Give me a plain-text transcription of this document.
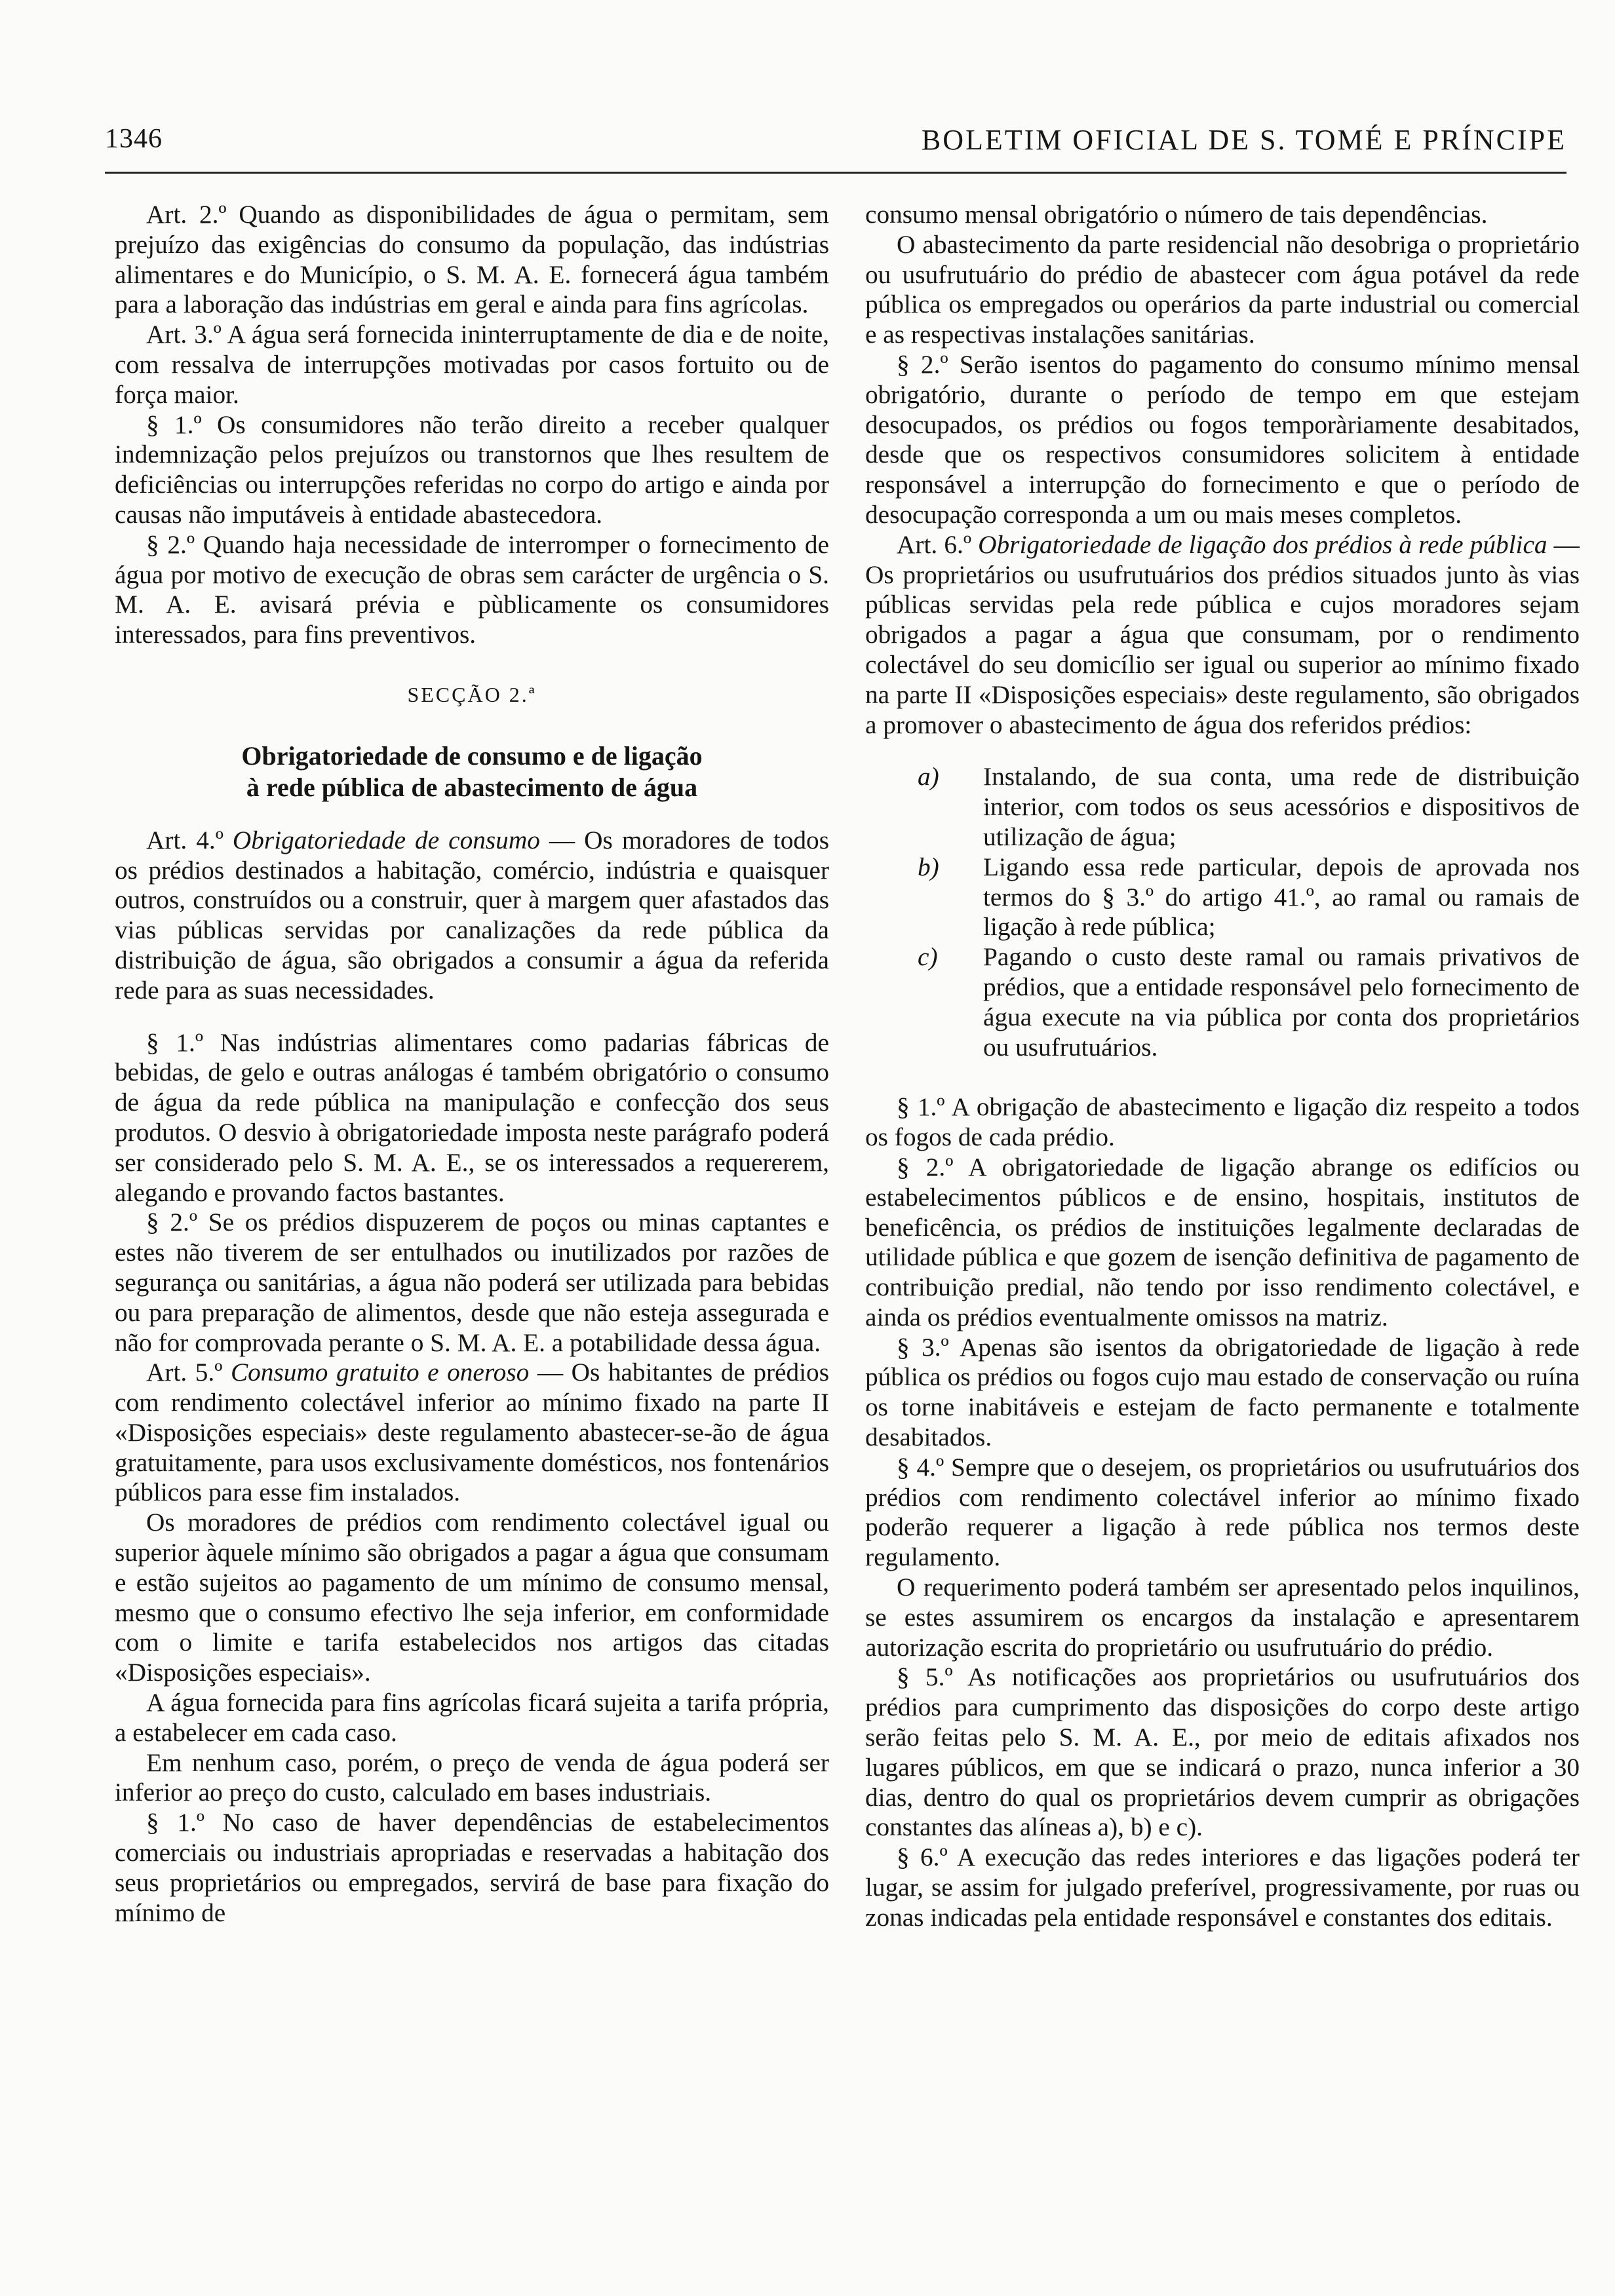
1346	BOLETIM OFICIAL DE S. TOMÉ E PRÍNCIPE

Art. 2.º Quando as disponibilidades de água o permitam, sem prejuízo das exigências do consumo da população, das indústrias alimentares e do Município, o S. M. A. E. fornecerá água também para a laboração das indústrias em geral e ainda para fins agrícolas.

Art. 3.º A água será fornecida ininterruptamente de dia e de noite, com ressalva de interrupções motivadas por casos fortuito ou de força maior.

§ 1.º Os consumidores não terão direito a receber qualquer indemnização pelos prejuízos ou transtornos que lhes resultem de deficiências ou interrupções referidas no corpo do artigo e ainda por causas não imputáveis à entidade abastecedora.

§ 2.º Quando haja necessidade de interromper o fornecimento de água por motivo de execução de obras sem carácter de urgência o S. M. A. E. avisará prévia e pùblicamente os consumidores interessados, para fins preventivos.

SECÇÃO 2.ª

Obrigatoriedade de consumo e de ligação

à rede pública de abastecimento de água

Art. 4.º Obrigatoriedade de consumo — Os moradores de todos os prédios destinados a habitação, comércio, indústria e quaisquer outros, construídos ou a construir, quer à margem quer afastados das vias públicas servidas por canalizações da rede pública da distribuição de água, são obrigados a consumir a água da referida rede para as suas necessidades.

§ 1.º Nas indústrias alimentares como padarias fábricas de bebidas, de gelo e outras análogas é também obrigatório o consumo de água da rede pública na manipulação e confecção dos seus produtos. O desvio à obrigatoriedade imposta neste parágrafo poderá ser considerado pelo S. M. A. E., se os interessados a requererem, alegando e provando factos bastantes.

§ 2.º Se os prédios dispuzerem de poços ou minas captantes e estes não tiverem de ser entulhados ou inutilizados por razões de segurança ou sanitárias, a água não poderá ser utilizada para bebidas ou para preparação de alimentos, desde que não esteja assegurada e não for comprovada perante o S. M. A. E. a potabilidade dessa água.

Art. 5.º Consumo gratuito e oneroso — Os habitantes de prédios com rendimento colectável inferior ao mínimo fixado na parte II «Disposições especiais» deste regulamento abastecer-se-ão de água gratuitamente, para usos exclusivamente domésticos, nos fontenários públicos para esse fim instalados.

Os moradores de prédios com rendimento colectável igual ou superior àquele mínimo são obrigados a pagar a água que consumam e estão sujeitos ao pagamento de um mínimo de consumo mensal, mesmo que o consumo efectivo lhe seja inferior, em conformidade com o limite e tarifa estabelecidos nos artigos das citadas «Disposições especiais».

A água fornecida para fins agrícolas ficará sujeita a tarifa própria, a estabelecer em cada caso.

Em nenhum caso, porém, o preço de venda de água poderá ser inferior ao preço do custo, calculado em bases industriais.

§ 1.º No caso de haver dependências de estabelecimentos comerciais ou industriais apropriadas e reservadas a habitação dos seus proprietários ou empregados, servirá de base para fixação do mínimo de

consumo mensal obrigatório o número de tais dependências.

O abastecimento da parte residencial não desobriga o proprietário ou usufrutuário do prédio de abastecer com água potável da rede pública os empregados ou operários da parte industrial ou comercial e as respectivas instalações sanitárias.

§ 2.º Serão isentos do pagamento do consumo mínimo mensal obrigatório, durante o período de tempo em que estejam desocupados, os prédios ou fogos temporàriamente desabitados, desde que os respectivos consumidores solicitem à entidade responsável a interrupção do fornecimento e que o período de desocupação corresponda a um ou mais meses completos.

Art. 6.º Obrigatoriedade de ligação dos prédios à rede pública — Os proprietários ou usufrutuários dos prédios situados junto às vias públicas servidas pela rede pública e cujos moradores sejam obrigados a pagar a água que consumam, por o rendimento colectável do seu domicílio ser igual ou superior ao mínimo fixado na parte II «Disposições especiais» deste regulamento, são obrigados a promover o abastecimento de água dos referidos prédios:

a) Instalando, de sua conta, uma rede de distribuição interior, com todos os seus acessórios e dispositivos de utilização de água;

b) Ligando essa rede particular, depois de aprovada nos termos do § 3.º do artigo 41.º, ao ramal ou ramais de ligação à rede pública;

c) Pagando o custo deste ramal ou ramais privativos de prédios, que a entidade responsável pelo fornecimento de água execute na via pública por conta dos proprietários ou usufrutuários.

§ 1.º A obrigação de abastecimento e ligação diz respeito a todos os fogos de cada prédio.

§ 2.º A obrigatoriedade de ligação abrange os edifícios ou estabelecimentos públicos e de ensino, hospitais, institutos de beneficência, os prédios de instituições legalmente declaradas de utilidade pública e que gozem de isenção definitiva de pagamento de contribuição predial, não tendo por isso rendimento colectável, e ainda os prédios eventualmente omissos na matriz.

§ 3.º Apenas são isentos da obrigatoriedade de ligação à rede pública os prédios ou fogos cujo mau estado de conservação ou ruína os torne inabitáveis e estejam de facto permanente e totalmente desabitados.

§ 4.º Sempre que o desejem, os proprietários ou usufrutuários dos prédios com rendimento colectável inferior ao mínimo fixado poderão requerer a ligação à rede pública nos termos deste regulamento.

O requerimento poderá também ser apresentado pelos inquilinos, se estes assumirem os encargos da instalação e apresentarem autorização escrita do proprietário ou usufrutuário do prédio.

§ 5.º As notificações aos proprietários ou usufrutuários dos prédios para cumprimento das disposições do corpo deste artigo serão feitas pelo S. M. A. E., por meio de editais afixados nos lugares públicos, em que se indicará o prazo, nunca inferior a 30 dias, dentro do qual os proprietários devem cumprir as obrigações constantes das alíneas a), b) e c).

§ 6.º A execução das redes interiores e das ligações poderá ter lugar, se assim for julgado preferível, progressivamente, por ruas ou zonas indicadas pela entidade responsável e constantes dos editais.
